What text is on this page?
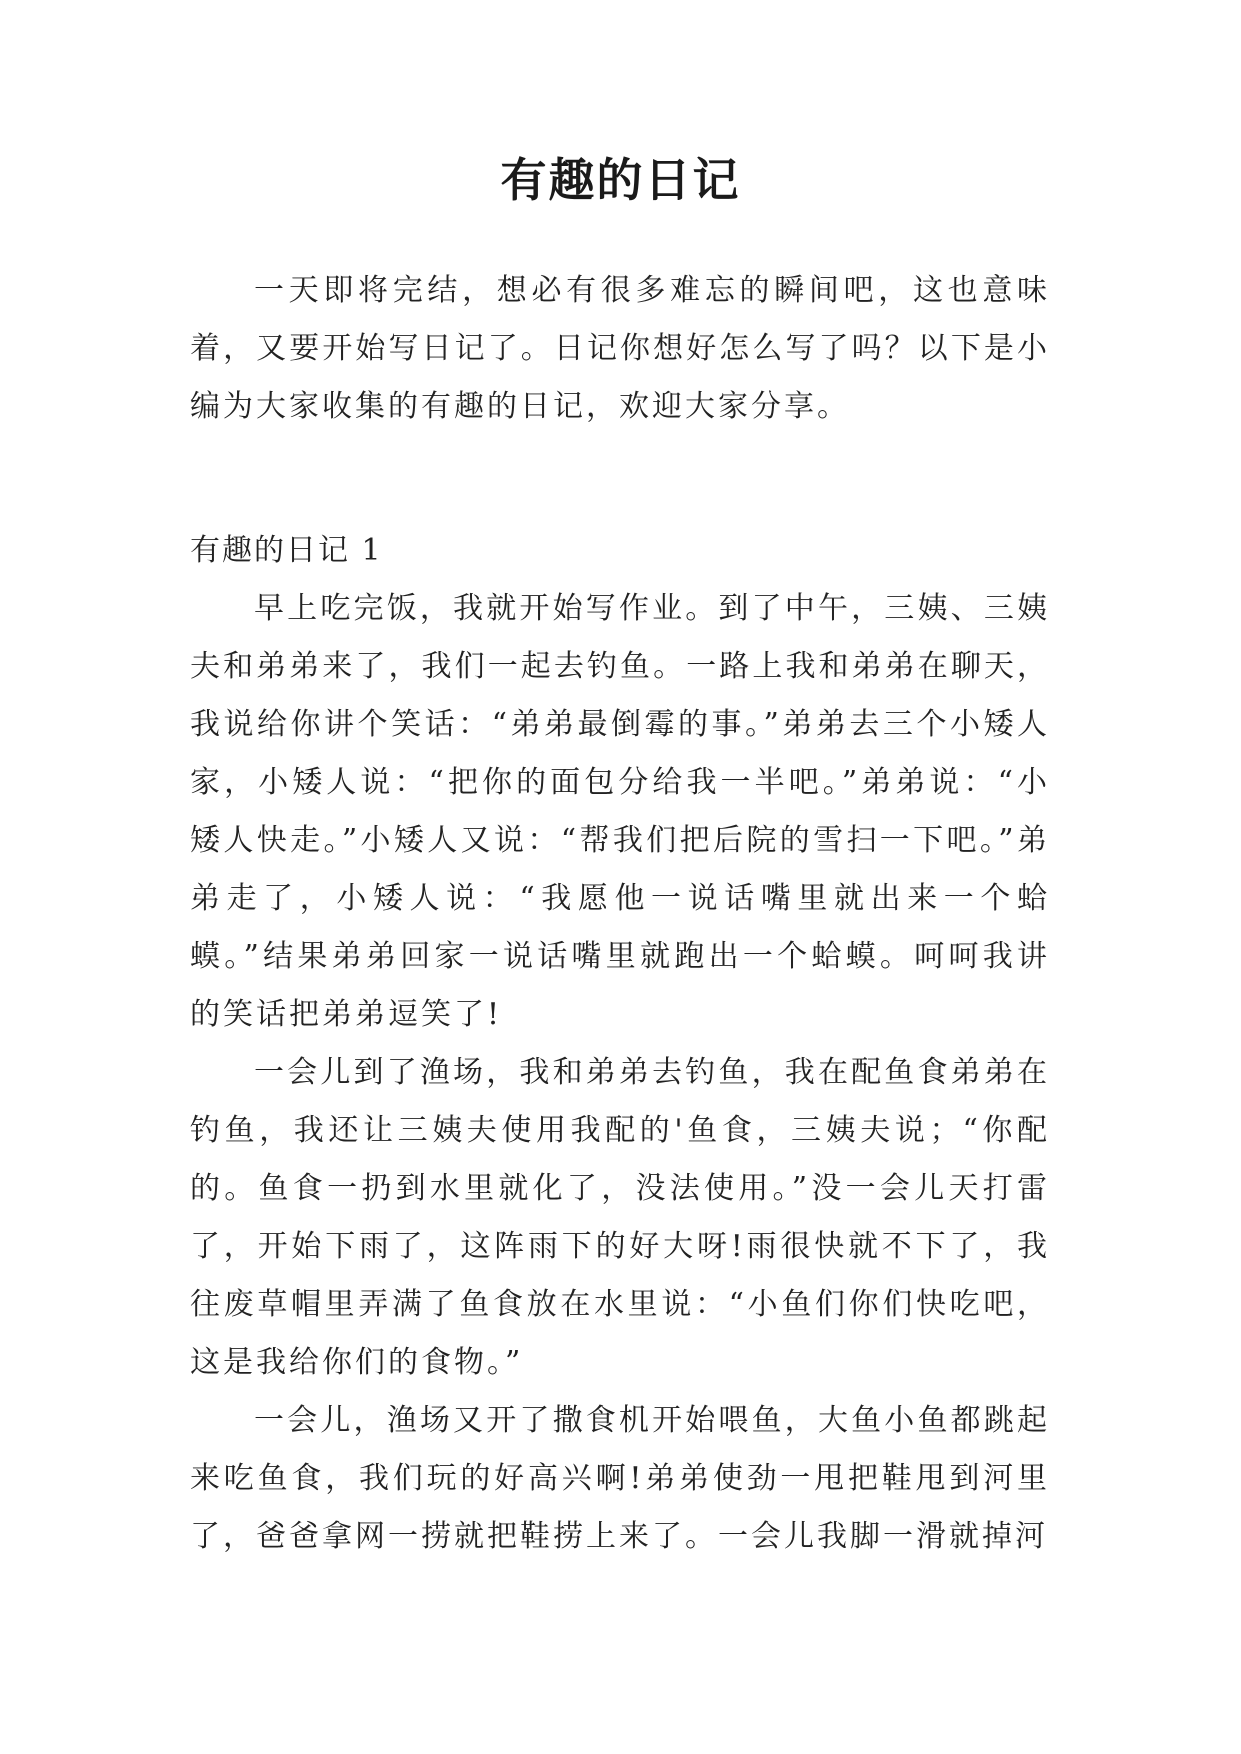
有趣的日记

一天即将完结，想必有很多难忘的瞬间吧，这也意味着，又要开始写日记了。日记你想好怎么写了吗？以下是小编为大家收集的有趣的日记，欢迎大家分享。

有趣的日记 1

早上吃完饭，我就开始写作业。到了中午，三姨、三姨夫和弟弟来了，我们一起去钓鱼。一路上我和弟弟在聊天，我说给你讲个笑话：“弟弟最倒霉的事。”弟弟去三个小矮人家，小矮人说：“把你的面包分给我一半吧。”弟弟说：“小矮人快走。”小矮人又说：“帮我们把后院的雪扫一下吧。”弟弟走了，小矮人说：“我愿他一说话嘴里就出来一个蛤蟆。”结果弟弟回家一说话嘴里就跑出一个蛤蟆。呵呵我讲的笑话把弟弟逗笑了!

一会儿到了渔场，我和弟弟去钓鱼，我在配鱼食弟弟在钓鱼，我还让三姨夫使用我配的'鱼食，三姨夫说；“你配的。鱼食一扔到水里就化了，没法使用。”没一会儿天打雷了，开始下雨了，这阵雨下的好大呀!雨很快就不下了，我往废草帽里弄满了鱼食放在水里说：“小鱼们你们快吃吧，这是我给你们的食物。”

一会儿，渔场又开了撒食机开始喂鱼，大鱼小鱼都跳起来吃鱼食，我们玩的好高兴啊!弟弟使劲一甩把鞋甩到河里了，爸爸拿网一捞就把鞋捞上来了。一会儿我脚一滑就掉河
